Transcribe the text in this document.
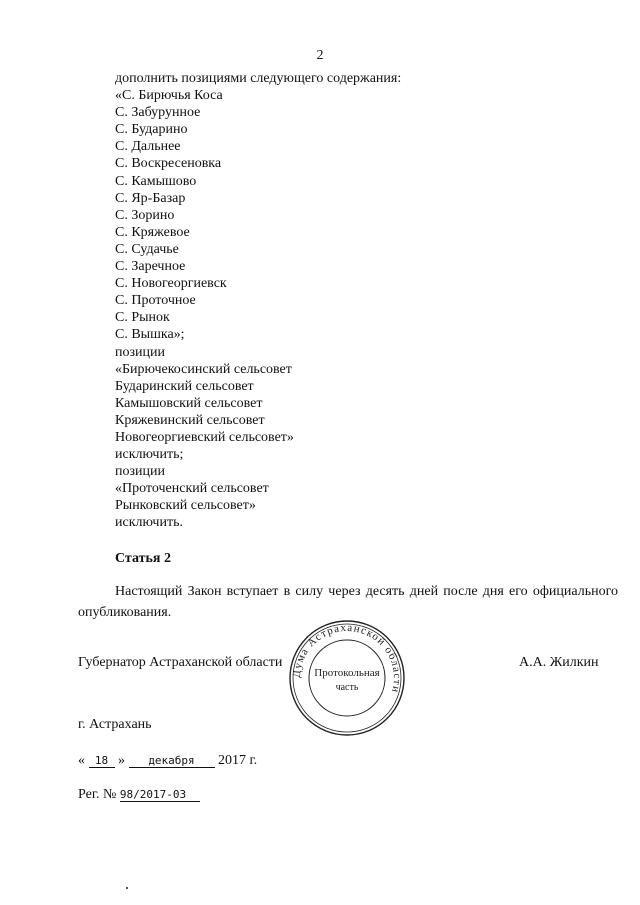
2
дополнить позициями следующего содержания:
«С. Бирючья Коса
С. Забурунное
С. Бударино
С. Дальнее
С. Воскресеновка
С. Камышово
С. Яр-Базар
С. Зорино
С. Кряжевое
С. Судачье
С. Заречное
С. Новогеоргиевск
С. Проточное
С. Рынок
С. Вышка»;
позиции
«Бирючекосинский сельсовет
Бударинский сельсовет
Камышовский сельсовет
Кряжевинский сельсовет
Новогеоргиевский сельсовет»
исключить;
позиции
«Проточенский сельсовет
Рынковский сельсовет»
исключить.
Статья 2
Настоящий Закон вступает в силу через десять дней после дня его официального опубликования.
Губернатор Астраханской области	А.А. Жилкин
Дума Астраханской области
Протокольная
часть
г. Астрахань
« 18 » декабря 2017 г.
Рег. № 98/2017-03
